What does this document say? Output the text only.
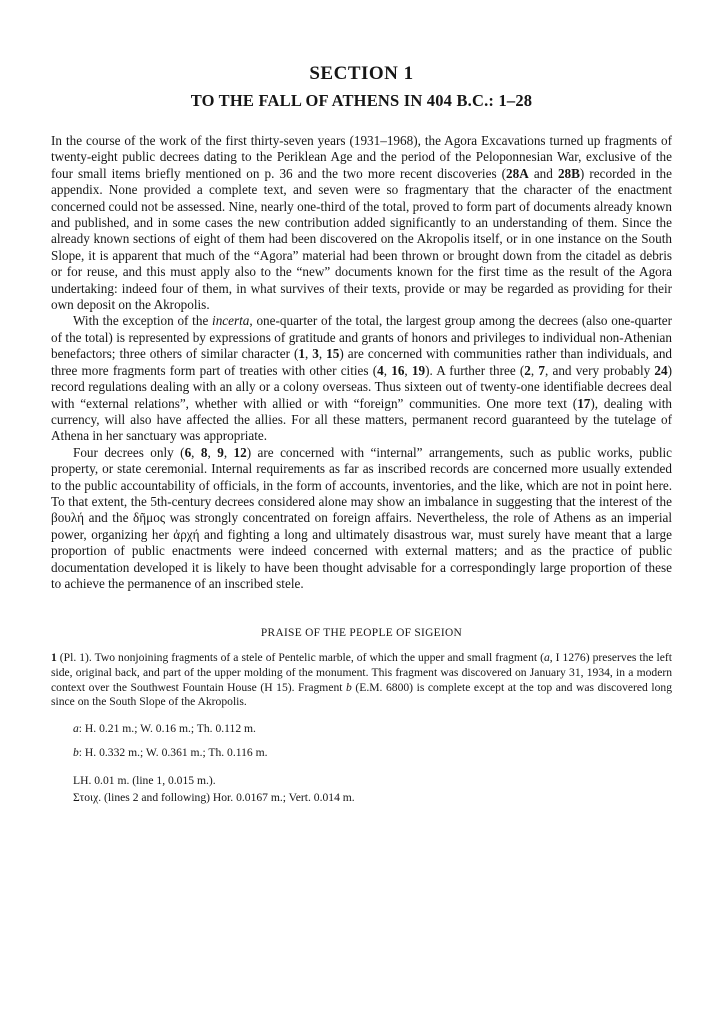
SECTION 1
TO THE FALL OF ATHENS IN 404 B.C.: 1–28

In the course of the work of the first thirty-seven years (1931–1968), the Agora Excavations turned up fragments of twenty-eight public decrees dating to the Periklean Age and the period of the Peloponnesian War, exclusive of the four small items briefly mentioned on p. 36 and the two more recent discoveries (28A and 28B) recorded in the appendix. None provided a complete text, and seven were so fragmentary that the character of the enactment concerned could not be assessed. Nine, nearly one-third of the total, proved to form part of documents already known and published, and in some cases the new contribution added significantly to an understanding of them. Since the already known sections of eight of them had been discovered on the Akropolis itself, or in one instance on the South Slope, it is apparent that much of the “Agora” material had been thrown or brought down from the citadel as debris or for reuse, and this must apply also to the “new” documents known for the first time as the result of the Agora undertaking: indeed four of them, in what survives of their texts, provide or may be regarded as providing for their own deposit on the Akropolis.

With the exception of the incerta, one-quarter of the total, the largest group among the decrees (also one-quarter of the total) is represented by expressions of gratitude and grants of honors and privileges to individual non-Athenian benefactors; three others of similar character (1, 3, 15) are concerned with communities rather than individuals, and three more fragments form part of treaties with other cities (4, 16, 19). A further three (2, 7, and very probably 24) record regulations dealing with an ally or a colony overseas. Thus sixteen out of twenty-one identifiable decrees deal with “external relations”, whether with allied or with “foreign” communities. One more text (17), dealing with currency, will also have affected the allies. For all these matters, permanent record guaranteed by the tutelage of Athena in her sanctuary was appropriate.

Four decrees only (6, 8, 9, 12) are concerned with “internal” arrangements, such as public works, public property, or state ceremonial. Internal requirements as far as inscribed records are concerned more usually extended to the public accountability of officials, in the form of accounts, inventories, and the like, which are not in point here. To that extent, the 5th-century decrees considered alone may show an imbalance in suggesting that the interest of the βουλή and the δῆμος was strongly concentrated on foreign affairs. Nevertheless, the role of Athens as an imperial power, organizing her ἀρχή and fighting a long and ultimately disastrous war, must surely have meant that a large proportion of public enactments were indeed concerned with external matters; and as the practice of public documentation developed it is likely to have been thought advisable for a correspondingly large proportion of these to achieve the permanence of an inscribed stele.

PRAISE OF THE PEOPLE OF SIGEION
1 (Pl. 1). Two nonjoining fragments of a stele of Pentelic marble, of which the upper and small fragment (a, I 1276) preserves the left side, original back, and part of the upper molding of the monument. This fragment was discovered on January 31, 1934, in a modern context over the Southwest Fountain House (H 15). Fragment b (E.M. 6800) is complete except at the top and was discovered long since on the South Slope of the Akropolis.
a: H. 0.21 m.; W. 0.16 m.; Th. 0.112 m.
b: H. 0.332 m.; W. 0.361 m.; Th. 0.116 m.
LH. 0.01 m. (line 1, 0.015 m.).
Στοιχ. (lines 2 and following) Hor. 0.0167 m.; Vert. 0.014 m.
